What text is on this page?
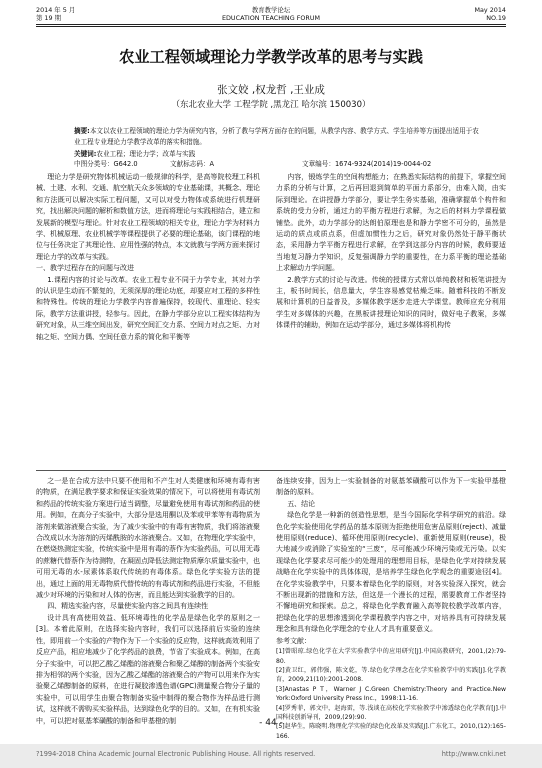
2014 年 5 月
第 19 期
教育教学论坛
EDUCATION TEACHING FORUM
May 2014
NO.19
农业工程领域理论力学教学改革的思考与实践
张文姣 ,权龙哲 ,王业成
（东北农业大学 工程学院 ,黑龙江 哈尔滨 150030）
摘要:本文以农业工程领域的理论力学为研究内容，分析了教与学两方面存在的问题，从教学内容、教学方式、学生培养等方面提出适用于农业工程专业理论力学教学改革的落实和措施。
关键词:农业工程；理论力学；改革与实践
中图分类号：G642.0	文献标志码：A	文章编号：1674-9324(2014)19-0044-02

理论力学是研究物体机械运动一般规律的科学，是高等院校理工科机械、土建、水利、交通、航空航天众多领域的专业基础课，其概念、理论和方法既可以解决实际工程问题，又可以对受力物体或系统进行机理研究，找出解决问题的解析和数值方法，进而将理论与实践相结合，建立和发展新的模型与理论。针对农业工程领域的相关专业，理论力学为材料力学、机械原理、农业机械学等课程提供了必要的理论基础，该门课程的地位与任务决定了其理论性、应用性强的特点，本文就教与学两方面来探讨理论力学的改革与实践。

一、教学过程存在的问题与改进

1.课程内容的讨论与改革。农业工程专业不同于力学专业，其对力学的认识是生动而不繁复的，无须深厚的理论功底，却要应对工程的多样性和特殊性。传统的理论力学教学内容普遍保持，较现代、重理论、轻实际，教学方法重讲授，轻参与。因此，在静力学部分应以工程实体结构为研究对象，从三维空间出发，研究空间汇交力系、空间力对点之矩、力对轴之矩、空间力偶、空间任意力系的简化和平衡等

内容，锻炼学生的空间构想能力；在熟悉实际结构的前提下，掌握空间力系的分析与计算，之后再回退到简单的平面力系部分，由难入简，由实际到理论。在讲授静力学部分，要让学生务实基础，准确掌握单个构件和系统的受力分析，通过力的平衡方程进行求解，为之后的材料力学课程做铺垫。此外，动力学部分的达朗伯原理也是和静力学密不可分的，虽然是运动的质点或质点系，但虚加惯性力之后，研究对象仍然处于静平衡状态，采用静力学平衡方程进行求解，在学到这部分内容的时候，教师要适当地复习静力学知识，反复强调静力学的重要性，在力系平衡的理论基础上求解动力学问题。

2.教学方式的讨论与改进。传统的授课方式常以单纯教材和板笔讲授为主，板书时间长，信息量大，学生容易感觉枯燥乏味。随着科技的不断发展和计算机的日益普及，多媒体教学逐步走进大学课堂。教师应充分利用学生对多媒体的兴趣，在黑板讲授理论知识的同时，做好电子教案，多媒体课件的辅助，例如在运动学部分，通过多媒体将机构传

之一是在合成方法中只要不使用和不产生对人类健康和环境有毒有害的物质，在满足教学要求和保证实验效果的情况下，可以将使用有毒试剂和药品的传统实验方案进行适当调整，尽量避免使用有毒试剂和药品的使用。例如，在高分子实验中，大部分是选用酮以及苯或甲苯等有毒物质为溶剂来做溶液聚合实验，为了减少实验中的有毒有害物质，我们将溶液聚合改成以水为溶剂的丙烯酰胺的水溶液聚合。又如，在物理化学实验中，在燃烧热测定实验，传统实验中是用有毒的萘作为实验药品，可以用无毒的蔗糖代替萘作为待测物，在凝固点降低法测定物质摩尔质量实验中，也可用无毒的水-尿素体系取代传统的有毒体系。绿色化学实验方法的提出，通过上面的用无毒物质代替传统的有毒试剂和药品进行实验，不但能减少对环境的污染和对人体的伤害，而且能达到实验教学的目的。

四、精选实验内容，尽量使实验内容之间具有连续性

设计具有高使用效益、低环境毒性的化学品是绿色化学的原则之一[3]。本着此原则，在选择实验内容时，我们可以选择前后实验的连续性，即用前一个实验的产物作为下一个实验的反应物，这样就高效利用了反应产品，相应地减少了化学药品的浪费，节省了实验成本。例如，在高分子实验中，可以把乙酸乙烯酯的溶液聚合和聚乙烯醇的制备两个实验安排为相邻的两个实验，因为乙酸乙烯酯的溶液聚合的产物可以用来作为实验聚乙烯醇制备的原料，在进行凝胶渗透色谱(GPC)测量聚合物分子量的实验中，可以用学生由聚合物制备实验中制得的聚合物作为样品进行测试，这样就不需购买实验样品，达到绿色化学的目的。又如，在有机实验中，可以把对氨基苯磺酸的制备和甲基橙的制

备连续安排，因为上一实验制备的对氨基苯磺酸可以作为下一实验甲基橙制备的原料。

五、结论

绿色化学是一种新的创造性思想，是当今国际化学科学研究的前沿。绿色化学实验使用化学药品的基本原则为拒绝使用危害品原则(reject)、减量使用原则(reduce)、循环使用原则(recycle)、重新使用原则(reuse)，极大地减少或消除了实验室的“三废”，尽可能减少环境污染或无污染。以实现绿色化学要求尽可能少的处理用的理想用目标，是绿色化学对持续发展战略在化学实验中的具体体现，是培养学生绿色化学观念的重要途径[4]。在化学实验教学中，只要本着绿色化学的原则，对各实验深入探究，就会不断出现新的措施和方法，但这是一个漫长的过程，需要教育工作者坚持不懈地研究和探索。总之，将绿色化学教育融入高等院校教学改革内容，把绿色化学的思想渗透到化学课程教学内容之中，对培养具有可持续发展理念和具有绿色化学理念的专业人才具有重要意义。

参考文献：

[1]曾昭琼.绿色化学在大学实验教学中的应用研究[J].中国高教研究，2001,(2):79-80.

[2]黄卫红，郭伟强，陈文乾，等.绿色化学理念在化学实验教学中的实践[J].化学教育，2009,21(10):2001-2008.

[3]Anastas P T，Warner J C.Green Chemistry:Theory and Practice.New York:Oxford University Press Inc.，1998:11-16.

[4]罗秀菲，郭文中，赵海雷，等.浅谈在高校化学实验教学中渗透绿色化学教育[J].中国科技创新导刊，2009,(29):90.

[5]赵华生，陈晓明.物理化学实验的绿色化改革及实践[J].广东化工，2010,(12):165-166.

- 44 -
?1994-2018 China Academic Journal Electronic Publishing House. All rights reserved.	http://www.cnki.net
